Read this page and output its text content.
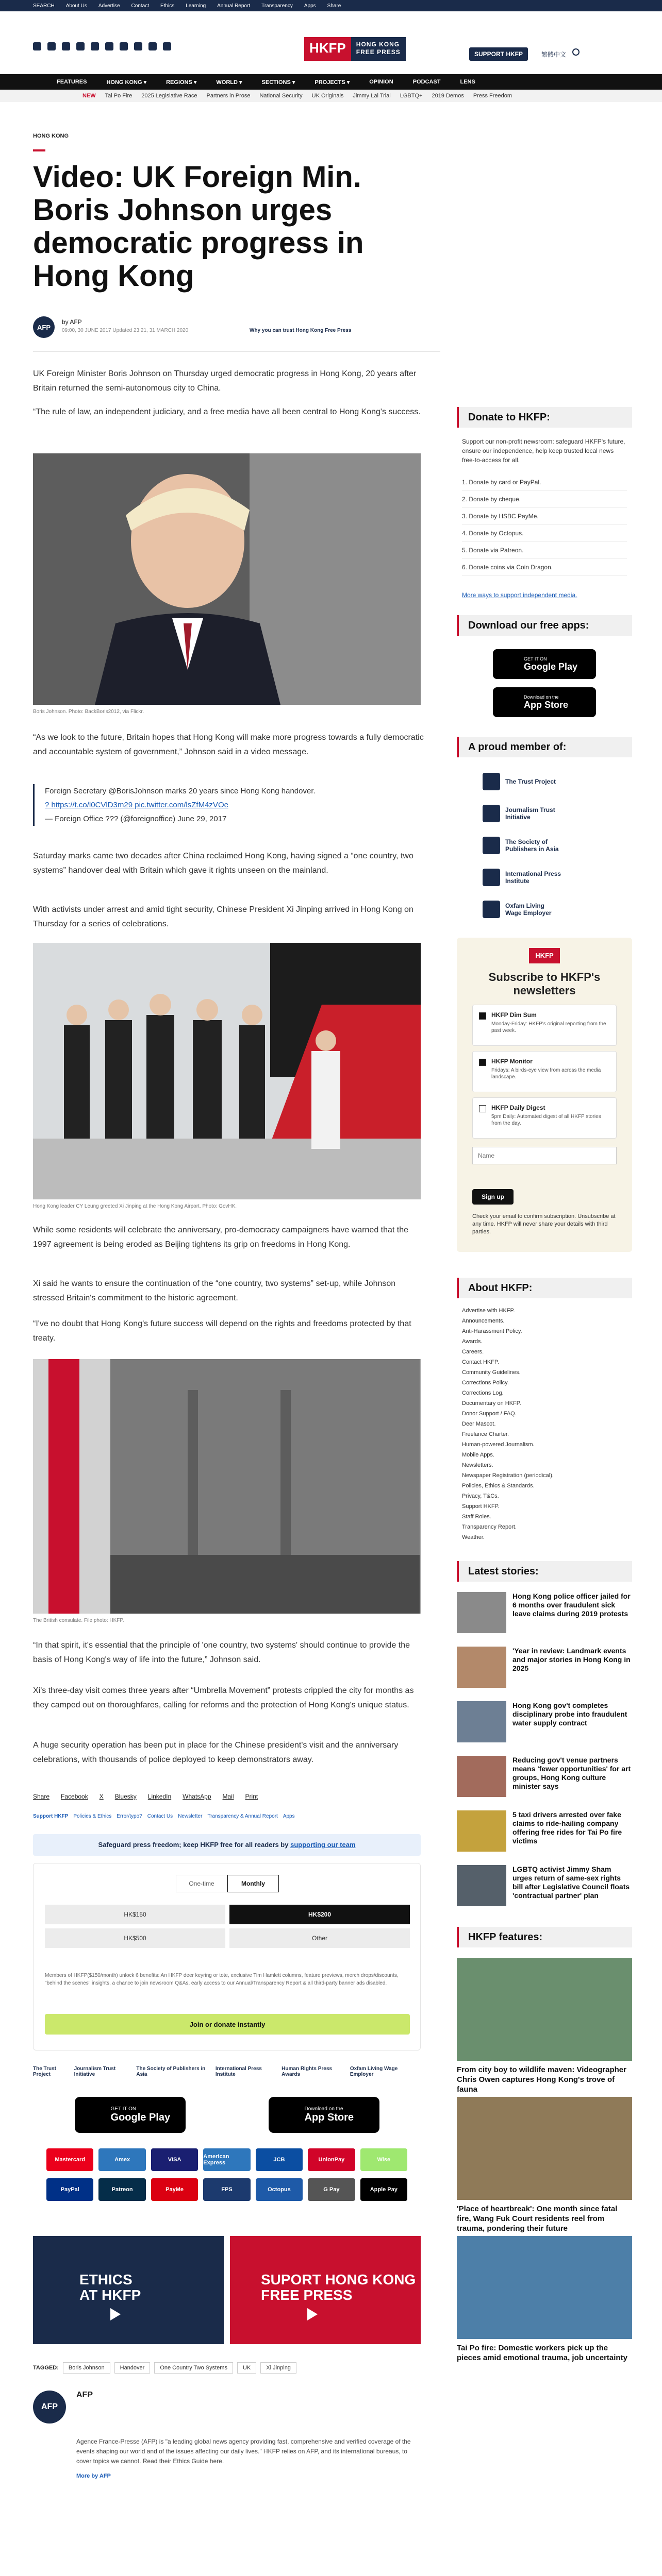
SEARCH About Us Advertise Contact Ethics Learning Annual Report Transparency Apps Share
HKFP	HONG KONG
FREE PRESS	SUPPORT HKFP	繁體中文
FEATURES	HONG KONG ▾	REGIONS ▾	WORLD ▾	SECTIONS ▾	PROJECTS ▾	OPINION	PODCAST	LENS
NEW Tai Po Fire 2025 Legislative Race Partners in Prose National Security UK Originals Jimmy Lai Trial LGBTQ+ 2019 Demos Press Freedom
HONG KONG
Video: UK Foreign Min. Boris Johnson urges democratic progress in Hong Kong
AFP
by AFP
09:00, 30 JUNE 2017 Updated 23:21, 31 MARCH 2020	Why you can trust Hong Kong Free Press

UK Foreign Minister Boris Johnson on Thursday urged democratic progress in Hong Kong, 20 years after Britain returned the semi-autonomous city to China.

“The rule of law, an independent judiciary, and a free media have all been central to Hong Kong's success.

Boris Johnson. Photo: BackBoris2012, via Flickr.

“As we look to the future, Britain hopes that Hong Kong will make more progress towards a fully democratic and accountable system of government,” Johnson said in a video message.

Foreign Secretary @BorisJohnson marks 20 years since Hong Kong handover.
? https://t.co/l0CVlD3m29 pic.twitter.com/lsZfM4zVOe
— Foreign Office ??? (@foreignoffice) June 29, 2017

Saturday marks came two decades after China reclaimed Hong Kong, having signed a “one country, two systems” handover deal with Britain which gave it rights unseen on the mainland.

With activists under arrest and amid tight security, Chinese President Xi Jinping arrived in Hong Kong on Thursday for a series of celebrations.

Hong Kong leader CY Leung greeted Xi Jinping at the Hong Kong Airport. Photo: GovHK.

While some residents will celebrate the anniversary, pro-democracy campaigners have warned that the 1997 agreement is being eroded as Beijing tightens its grip on freedoms in Hong Kong.

Xi said he wants to ensure the continuation of the “one country, two systems” set-up, while Johnson stressed Britain's commitment to the historic agreement.

“I've no doubt that Hong Kong's future success will depend on the rights and freedoms protected by that treaty.

The British consulate. File photo: HKFP.

“In that spirit, it's essential that the principle of 'one country, two systems' should continue to provide the basis of Hong Kong's way of life into the future,” Johnson said.

Xi's three-day visit comes three years after “Umbrella Movement” protests crippled the city for months as they camped out on thoroughfares, calling for reforms and the protection of Hong Kong's unique status.

A huge security operation has been put in place for the Chinese president's visit and the anniversary celebrations, with thousands of police deployed to keep demonstrators away.

Share Facebook X Bluesky LinkedIn WhatsApp Mail Print
Support HKFP Policies & Ethics Error/typo? Contact Us Newsletter Transparency & Annual Report Apps
Safeguard press freedom; keep HKFP free for all readers by supporting our team
One-time	Monthly
HK$150	HK$200
HK$500	Other
Members of HKFP($150/month) unlock 6 benefits: An HKFP deer keyring or tote, exclusive Tim Hamlett columns, feature previews, merch drops/discounts, "behind the scenes" insights, a chance to join newsroom Q&As, early access to our Annual/Transparency Report & all third-party banner ads disabled.
Join or donate instantly
The Trust Project
Journalism Trust Initiative
The Society of Publishers in Asia
International Press Institute
Human Rights Press Awards
Oxfam Living Wage Employer
GET IT ON
Google Play
Download on the
App Store
Mastercard	Amex	VISA	American Express	JCB	UnionPay	Wise
PayPal	Patreon	PayMe	FPS	Octopus	G Pay	Apple Pay
ETHICS
AT HKFP
SUPORT HONG KONG FREE PRESS
TAGGED:	Boris Johnson	Handover	One Country Two Systems	UK	Xi Jinping
AFP
AFP
Agence France-Presse (AFP) is "a leading global news agency providing fast, comprehensive and verified coverage of the events shaping our world and of the issues affecting our daily lives." HKFP relies on AFP, and its international bureaus, to cover topics we cannot. Read their Ethics Guide here.
More by AFP
Donate to HKFP:
Support our non-profit newsroom: safeguard HKFP's future, ensure our independence, help keep trusted local news free-to-access for all.
1. Donate by card or PayPal.
2. Donate by cheque.
3. Donate by HSBC PayMe.
4. Donate by Octopus.
5. Donate via Patreon.
6. Donate coins via Coin Dragon.
More ways to support independent media.
Download our free apps:
GET IT ON
Google Play
Download on the
App Store
A proud member of:
The Trust Project
Journalism Trust Initiative
The Society of Publishers in Asia
International Press Institute
Oxfam Living Wage Employer
HKFP
Subscribe to HKFP's newsletters
HKFP Dim Sum
Monday-Friday: HKFP's original reporting from the past week.
HKFP Monitor
Fridays: A birds-eye view from across the media landscape.
HKFP Daily Digest
5pm Daily: Automated digest of all HKFP stories from the day.
Name
Sign up
Check your email to confirm subscription. Unsubscribe at any time. HKFP will never share your details with third parties.
About HKFP:
Advertise with HKFP.
Announcements.
Anti-Harassment Policy.
Awards.
Careers.
Contact HKFP.
Community Guidelines.
Corrections Policy.
Corrections Log.
Documentary on HKFP.
Donor Support / FAQ.
Deer Mascot.
Freelance Charter.
Human-powered Journalism.
Mobile Apps.
Newsletters.
Newspaper Registration (periodical).
Policies, Ethics & Standards.
Privacy, T&Cs.
Support HKFP.
Staff Roles.
Transparency Report.
Weather.
Latest stories:
Hong Kong police officer jailed for 6 months over fraudulent sick leave claims during 2019 protests
'Year in review: Landmark events and major stories in Hong Kong in 2025
Hong Kong gov't completes disciplinary probe into fraudulent water supply contract
Reducing gov't venue partners means 'fewer opportunities' for art groups, Hong Kong culture minister says
5 taxi drivers arrested over fake claims to ride-hailing company offering free rides for Tai Po fire victims
LGBTQ activist Jimmy Sham urges return of same-sex rights bill after Legislative Council floats 'contractual partner' plan
HKFP features:
From city boy to wildlife maven: Videographer Chris Owen captures Hong Kong's trove of fauna
'Place of heartbreak': One month since fatal fire, Wang Fuk Court residents reel from trauma, pondering their future
Tai Po fire: Domestic workers pick up the pieces amid emotional trauma, job uncertainty
